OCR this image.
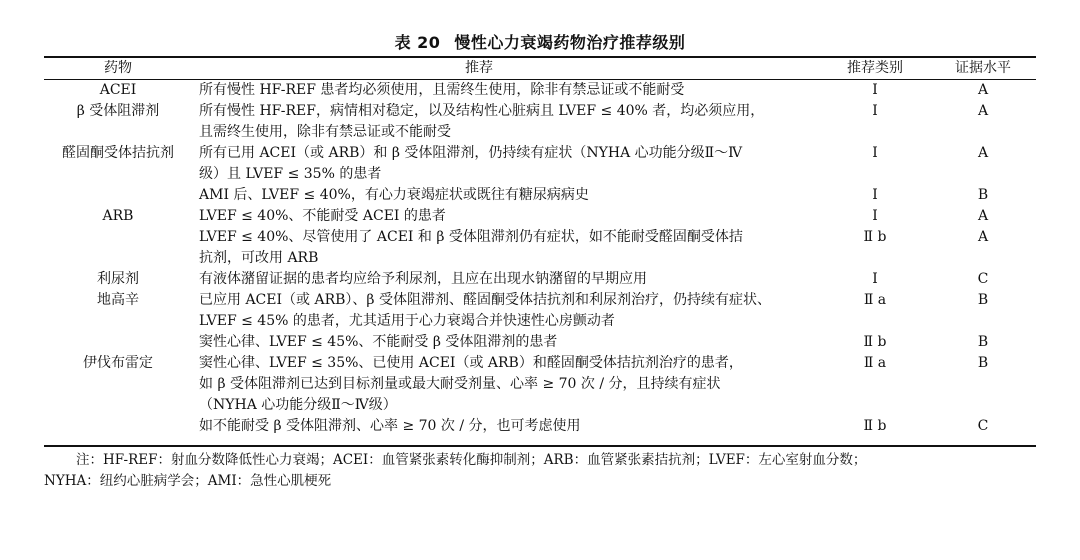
表 20 慢性心力衰竭药物治疗推荐级别
药物	推荐	推荐类别	证据水平
ACEI	所有慢性 HF-REF 患者均必须使用，且需终生使用，除非有禁忌证或不能耐受	Ⅰ	A
β 受体阻滞剂	所有慢性 HF-REF，病情相对稳定，以及结构性心脏病且 LVEF ≤ 40% 者，均必须应用，
且需终生使用，除非有禁忌证或不能耐受
Ⅰ	A
醛固酮受体拮抗剂	所有已用 ACEI（或 ARB）和 β 受体阻滞剂，仍持续有症状（NYHA 心功能分级Ⅱ～Ⅳ
级）且 LVEF ≤ 35% 的患者
Ⅰ	A
AMI 后、LVEF ≤ 40%，有心力衰竭症状或既往有糖尿病病史	Ⅰ	B
ARB	LVEF ≤ 40%、不能耐受 ACEI 的患者	Ⅰ	A
LVEF ≤ 40%、尽管使用了 ACEI 和 β 受体阻滞剂仍有症状，如不能耐受醛固酮受体拮
抗剂，可改用 ARB
Ⅱ b	A
利尿剂	有液体潴留证据的患者均应给予利尿剂，且应在出现水钠潴留的早期应用	Ⅰ	C
地高辛	已应用 ACEI（或 ARB）、β 受体阻滞剂、醛固酮受体拮抗剂和利尿剂治疗，仍持续有症状、
LVEF ≤ 45% 的患者，尤其适用于心力衰竭合并快速性心房颤动者
Ⅱ a	B
窦性心律、LVEF ≤ 45%、不能耐受 β 受体阻滞剂的患者	Ⅱ b	B
伊伐布雷定	窦性心律、LVEF ≤ 35%、已使用 ACEI（或 ARB）和醛固酮受体拮抗剂治疗的患者，
如 β 受体阻滞剂已达到目标剂量或最大耐受剂量、心率 ≥ 70 次 / 分，且持续有症状
（NYHA 心功能分级Ⅱ～Ⅳ级）
Ⅱ a	B
如不能耐受 β 受体阻滞剂、心率 ≥ 70 次 / 分，也可考虑使用	Ⅱ b	C
注：HF-REF：射血分数降低性心力衰竭；ACEI：血管紧张素转化酶抑制剂；ARB：血管紧张素拮抗剂；LVEF：左心室射血分数；
NYHA：纽约心脏病学会；AMI：急性心肌梗死
